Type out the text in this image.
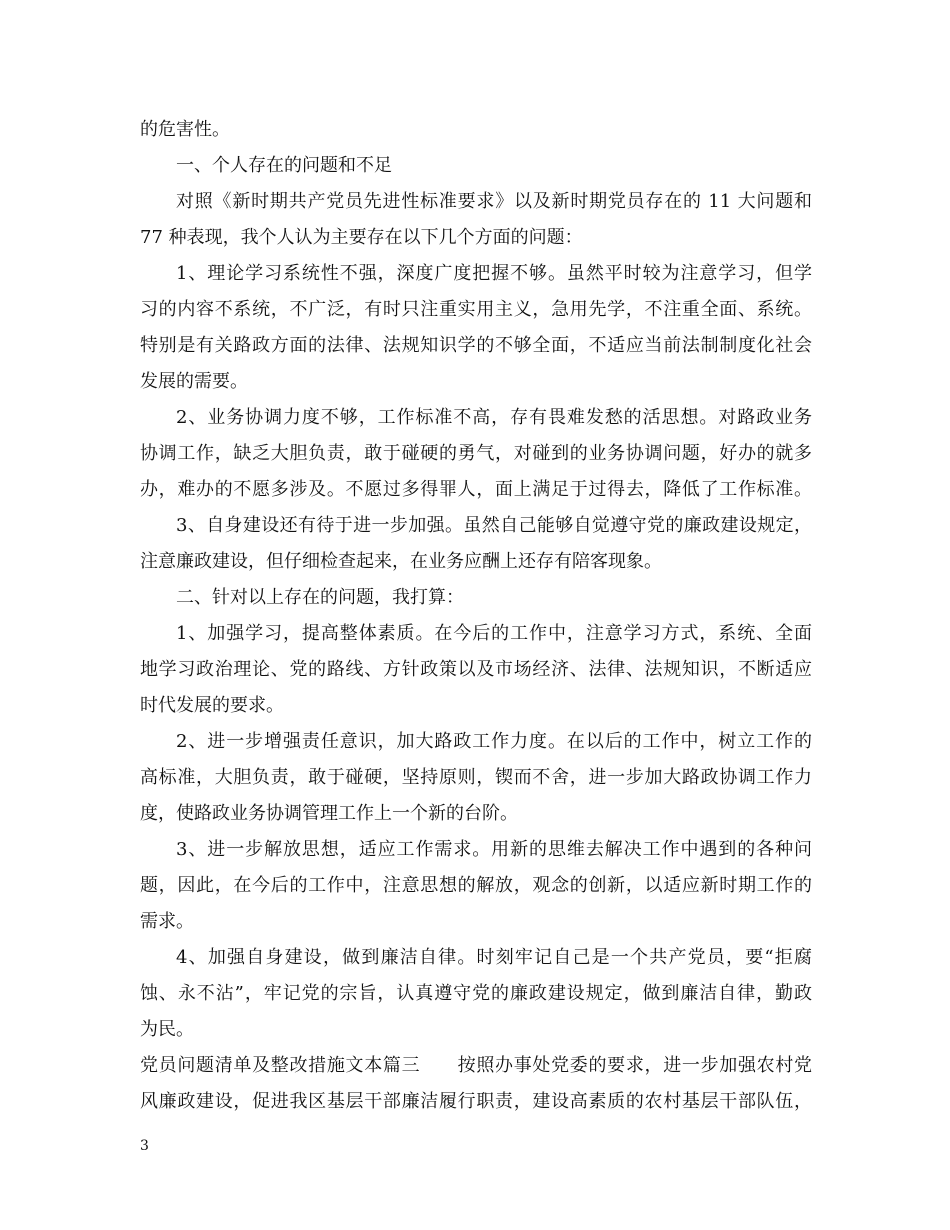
的危害性。
一、个人存在的问题和不足
对照《新时期共产党员先进性标准要求》以及新时期党员存在的 11 大问题和
77 种表现，我个人认为主要存在以下几个方面的问题：
1、理论学习系统性不强，深度广度把握不够。虽然平时较为注意学习，但学
习的内容不系统，不广泛，有时只注重实用主义，急用先学，不注重全面、系统。
特别是有关路政方面的法律、法规知识学的不够全面，不适应当前法制制度化社会
发展的需要。
2、业务协调力度不够，工作标准不高，存有畏难发愁的活思想。对路政业务
协调工作，缺乏大胆负责，敢于碰硬的勇气，对碰到的业务协调问题，好办的就多
办，难办的不愿多涉及。不愿过多得罪人，面上满足于过得去，降低了工作标准。
3、自身建设还有待于进一步加强。虽然自己能够自觉遵守党的廉政建设规定，
注意廉政建设，但仔细检查起来，在业务应酬上还存有陪客现象。
二、针对以上存在的问题，我打算：
1、加强学习，提高整体素质。在今后的工作中，注意学习方式，系统、全面
地学习政治理论、党的路线、方针政策以及市场经济、法律、法规知识，不断适应
时代发展的要求。
2、进一步增强责任意识，加大路政工作力度。在以后的工作中，树立工作的
高标准，大胆负责，敢于碰硬，坚持原则，锲而不舍，进一步加大路政协调工作力
度，使路政业务协调管理工作上一个新的台阶。
3、进一步解放思想，适应工作需求。用新的思维去解决工作中遇到的各种问
题，因此，在今后的工作中，注意思想的解放，观念的创新，以适应新时期工作的
需求。
4、加强自身建设，做到廉洁自律。时刻牢记自己是一个共产党员，要“拒腐
蚀、永不沾”，牢记党的宗旨，认真遵守党的廉政建设规定，做到廉洁自律，勤政
为民。
党员问题清单及整改措施文本篇三　　按照办事处党委的要求，进一步加强农村党
风廉政建设，促进我区基层干部廉洁履行职责，建设高素质的农村基层干部队伍，
3
